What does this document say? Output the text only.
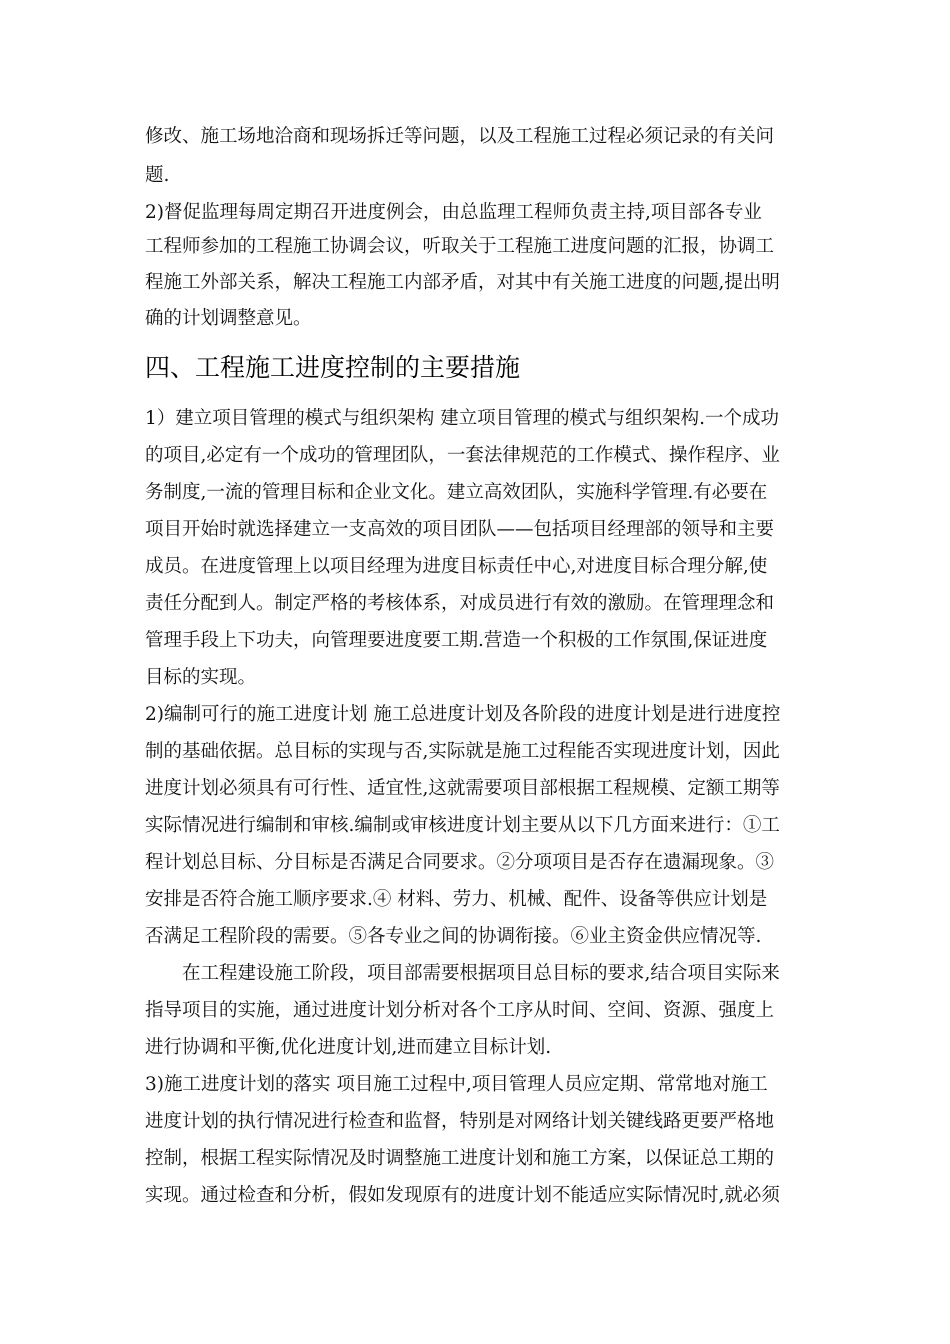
修改、施工场地洽商和现场拆迁等问题，以及工程施工过程必须记录的有关问
题.
2)督促监理每周定期召开进度例会，由总监理工程师负责主持,项目部各专业
工程师参加的工程施工协调会议，听取关于工程施工进度问题的汇报，协调工
程施工外部关系，解决工程施工内部矛盾，对其中有关施工进度的问题,提出明
确的计划调整意见。
四、工程施工进度控制的主要措施
1）建立项目管理的模式与组织架构 建立项目管理的模式与组织架构.一个成功
的项目,必定有一个成功的管理团队，一套法律规范的工作模式、操作程序、业
务制度,一流的管理目标和企业文化。建立高效团队，实施科学管理.有必要在
项目开始时就选择建立一支高效的项目团队——包括项目经理部的领导和主要
成员。在进度管理上以项目经理为进度目标责任中心,对进度目标合理分解,使
责任分配到人。制定严格的考核体系，对成员进行有效的激励。在管理理念和
管理手段上下功夫，向管理要进度要工期.营造一个积极的工作氛围,保证进度
目标的实现。
2)编制可行的施工进度计划 施工总进度计划及各阶段的进度计划是进行进度控
制的基础依据。总目标的实现与否,实际就是施工过程能否实现进度计划，因此
进度计划必须具有可行性、适宜性,这就需要项目部根据工程规模、定额工期等
实际情况进行编制和审核.编制或审核进度计划主要从以下几方面来进行：①工
程计划总目标、分目标是否满足合同要求。②分项项目是否存在遗漏现象。③
安排是否符合施工顺序要求.④ 材料、劳力、机械、配件、设备等供应计划是
否满足工程阶段的需要。⑤各专业之间的协调衔接。⑥业主资金供应情况等.
　　在工程建设施工阶段，项目部需要根据项目总目标的要求,结合项目实际来
指导项目的实施，通过进度计划分析对各个工序从时间、空间、资源、强度上
进行协调和平衡,优化进度计划,进而建立目标计划.
3)施工进度计划的落实 项目施工过程中,项目管理人员应定期、常常地对施工
进度计划的执行情况进行检查和监督，特别是对网络计划关键线路更要严格地
控制，根据工程实际情况及时调整施工进度计划和施工方案，以保证总工期的
实现。通过检查和分析，假如发现原有的进度计划不能适应实际情况时,就必须
